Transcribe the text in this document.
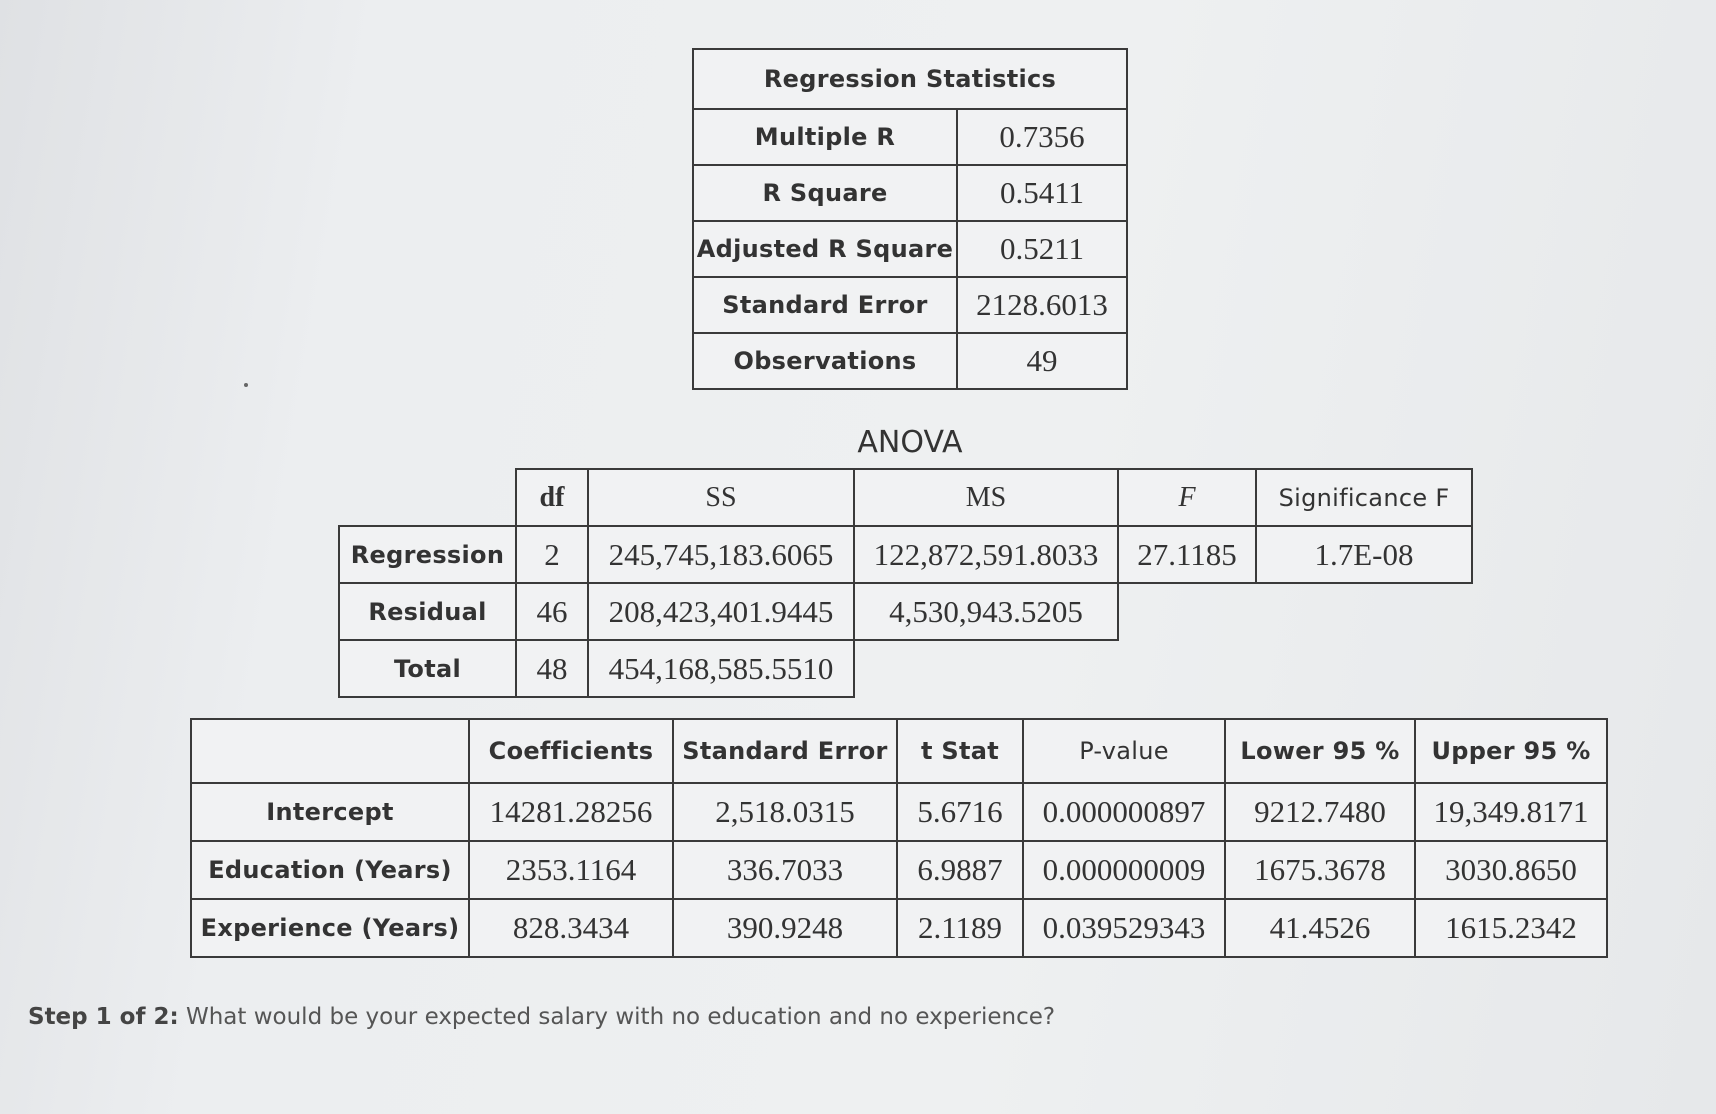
Regression Statistics	
Multiple R	0.7356
R Square	0.5411
Adjusted R Square	0.5211
Standard Error	2128.6013
Observations	49
ANOVA
	df	SS	MS	F	Significance F
Regression	2	245,745,183.6065	122,872,591.8033	27.1185	1.7E-08
Residual	46	208,423,401.9445	4,530,943.5205		
Total	48	454,168,585.5510			
	Coefficients	Standard Error	t Stat	P-value	Lower 95 %	Upper 95 %
Intercept	14281.28256	2,518.0315	5.6716	0.000000897	9212.7480	19,349.8171
Education (Years)	2353.1164	336.7033	6.9887	0.000000009	1675.3678	3030.8650
Experience (Years)	828.3434	390.9248	2.1189	0.039529343	41.4526	1615.2342
Step 1 of 2: What would be your expected salary with no education and no experience?
